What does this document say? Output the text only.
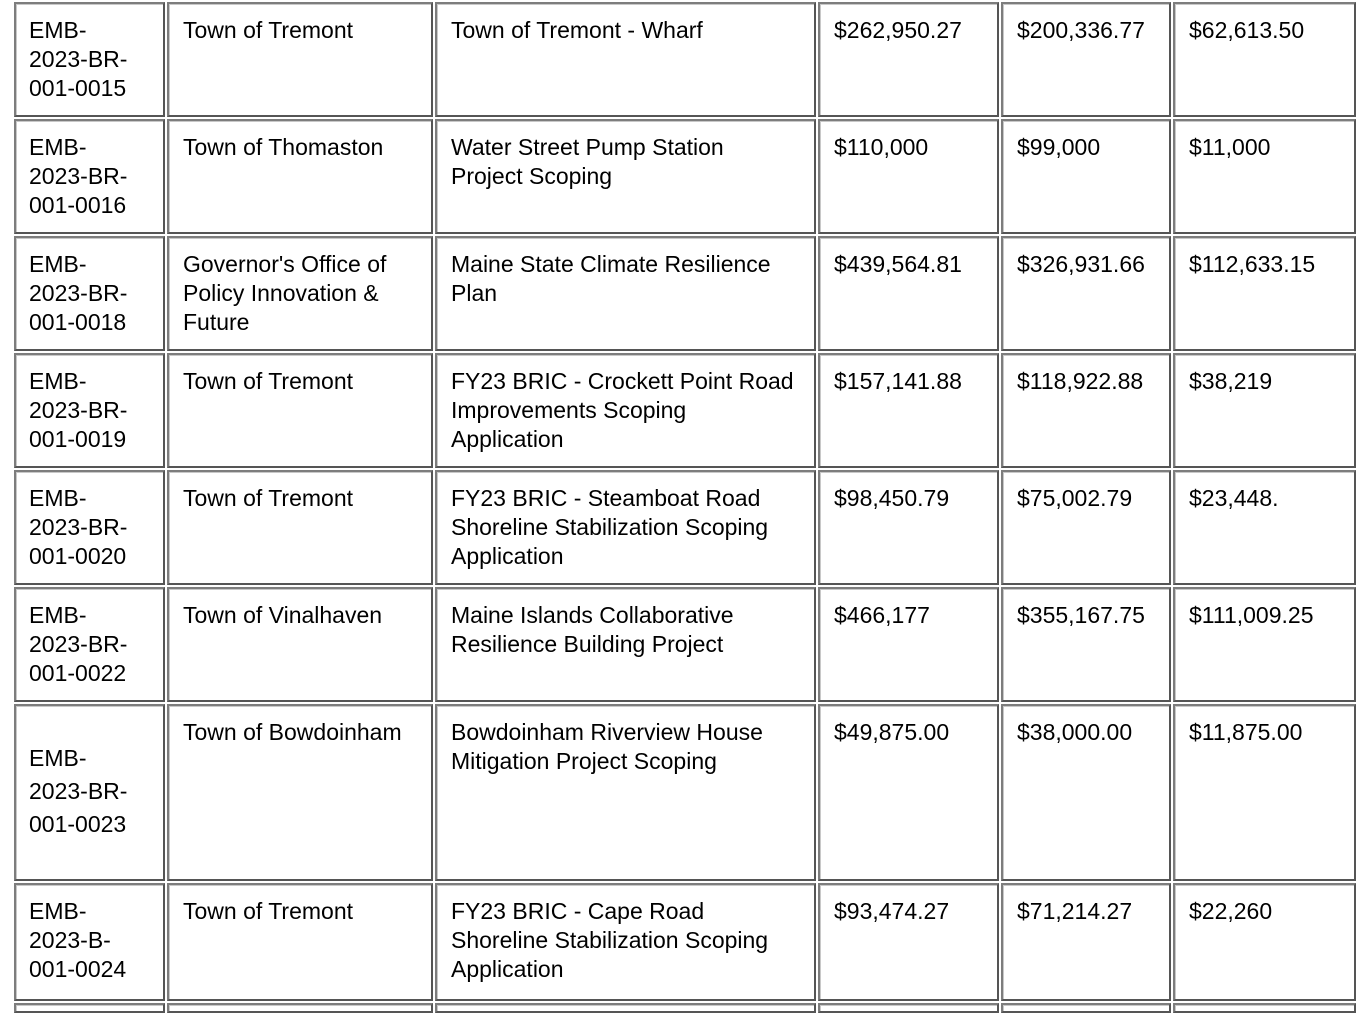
EMB-
2023-BR-
001-0015	Town of Tremont	Town of Tremont - Wharf	$262,950.27	$200,336.77	$62,613.50

EMB-
2023-BR-
001-0016	Town of Thomaston	Water Street Pump Station Project Scoping	$110,000	$99,000	$11,000

EMB-
2023-BR-
001-0018	Governor's Office of Policy Innovation & Future	Maine State Climate Resilience Plan	$439,564.81	$326,931.66	$112,633.15

EMB-
2023-BR-
001-0019	Town of Tremont	FY23 BRIC - Crockett Point Road Improvements Scoping Application	$157,141.88	$118,922.88	$38,219

EMB-
2023-BR-
001-0020	Town of Tremont	FY23 BRIC - Steamboat Road Shoreline Stabilization Scoping Application	$98,450.79	$75,002.79	$23,448.

EMB-
2023-BR-
001-0022	Town of Vinalhaven	Maine Islands Collaborative Resilience Building Project	$466,177	$355,167.75	$111,009.25

EMB-
2023-BR-
001-0023	Town of Bowdoinham	Bowdoinham Riverview House Mitigation Project Scoping	$49,875.00	$38,000.00	$11,875.00

EMB-
2023-B-
001-0024	Town of Tremont	FY23 BRIC - Cape Road Shoreline Stabilization Scoping Application	$93,474.27	$71,214.27	$22,260
